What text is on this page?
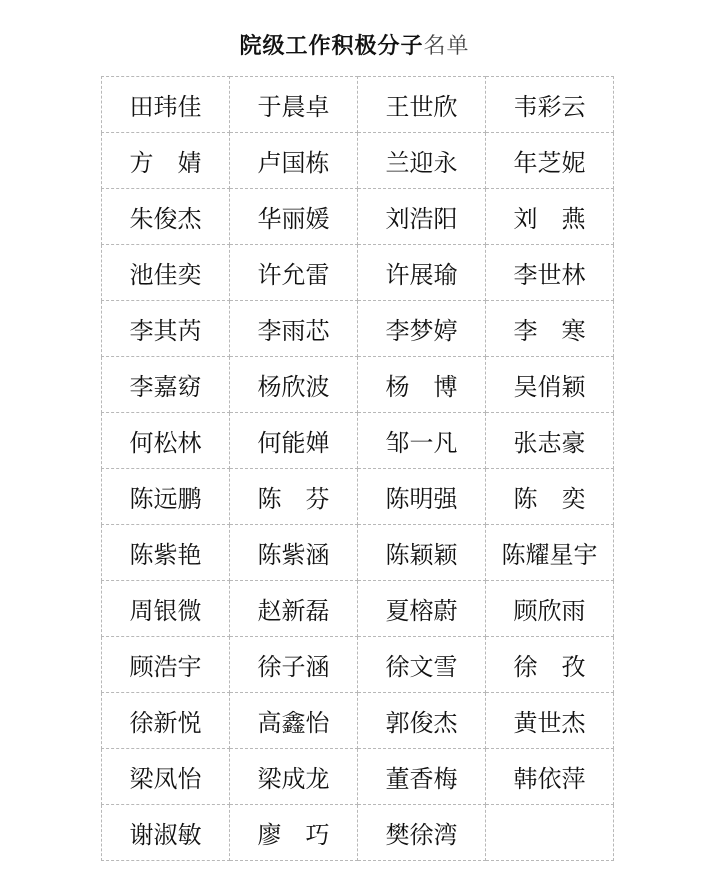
院级工作积极分子名单
田玮佳	于晨卓	王世欣	韦彩云
方　婧	卢国栋	兰迎永	年芝妮
朱俊杰	华丽媛	刘浩阳	刘　燕
池佳奕	许允雷	许展瑜	李世林
李其芮	李雨芯	李梦婷	李　寒
李嘉窈	杨欣波	杨　博	吴俏颖
何松林	何能婵	邹一凡	张志豪
陈远鹏	陈　芬	陈明强	陈　奕
陈紫艳	陈紫涵	陈颖颖	陈耀星宇
周银微	赵新磊	夏榕蔚	顾欣雨
顾浩宇	徐子涵	徐文雪	徐　孜
徐新悦	高鑫怡	郭俊杰	黄世杰
梁凤怡	梁成龙	董香梅	韩依萍
谢淑敏	廖　巧	樊徐湾	
